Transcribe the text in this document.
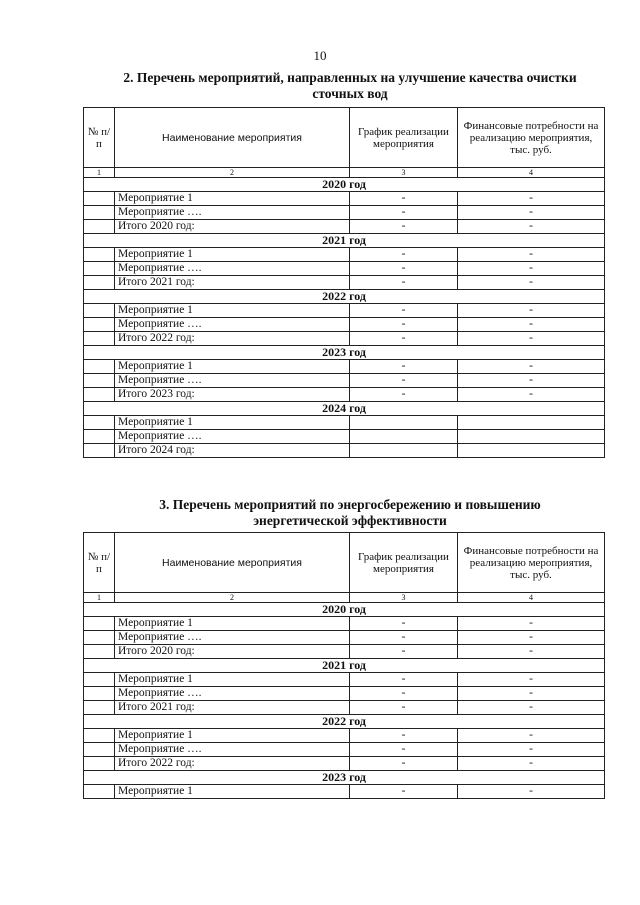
10
2. Перечень мероприятий, направленных на улучшение качества очистки
сточных вод
№ п/п	Наименование мероприятия	График реализации мероприятия	Финансовые потребности на реализацию мероприятия, тыс. руб.
1	2	3	4
2020 год			
	Мероприятие 1	-	-
	Мероприятие ….	-	-
	Итого 2020 год:	-	-
2021 год			
	Мероприятие 1	-	-
	Мероприятие ….	-	-
	Итого 2021 год:	-	-
2022 год			
	Мероприятие 1	-	-
	Мероприятие ….	-	-
	Итого 2022 год:	-	-
2023 год			
	Мероприятие 1	-	-
	Мероприятие ….	-	-
	Итого 2023 год:	-	-
2024 год			
	Мероприятие 1		
	Мероприятие ….		
	Итого 2024 год:		
3. Перечень мероприятий по энергосбережению и повышению
энергетической эффективности
№ п/п	Наименование мероприятия	График реализации мероприятия	Финансовые потребности на реализацию мероприятия, тыс. руб.
1	2	3	4
2020 год			
	Мероприятие 1	-	-
	Мероприятие ….	-	-
	Итого 2020 год:	-	-
2021 год			
	Мероприятие 1	-	-
	Мероприятие ….	-	-
	Итого 2021 год:	-	-
2022 год			
	Мероприятие 1	-	-
	Мероприятие ….	-	-
	Итого 2022 год:	-	-
2023 год			
	Мероприятие 1	-	-
